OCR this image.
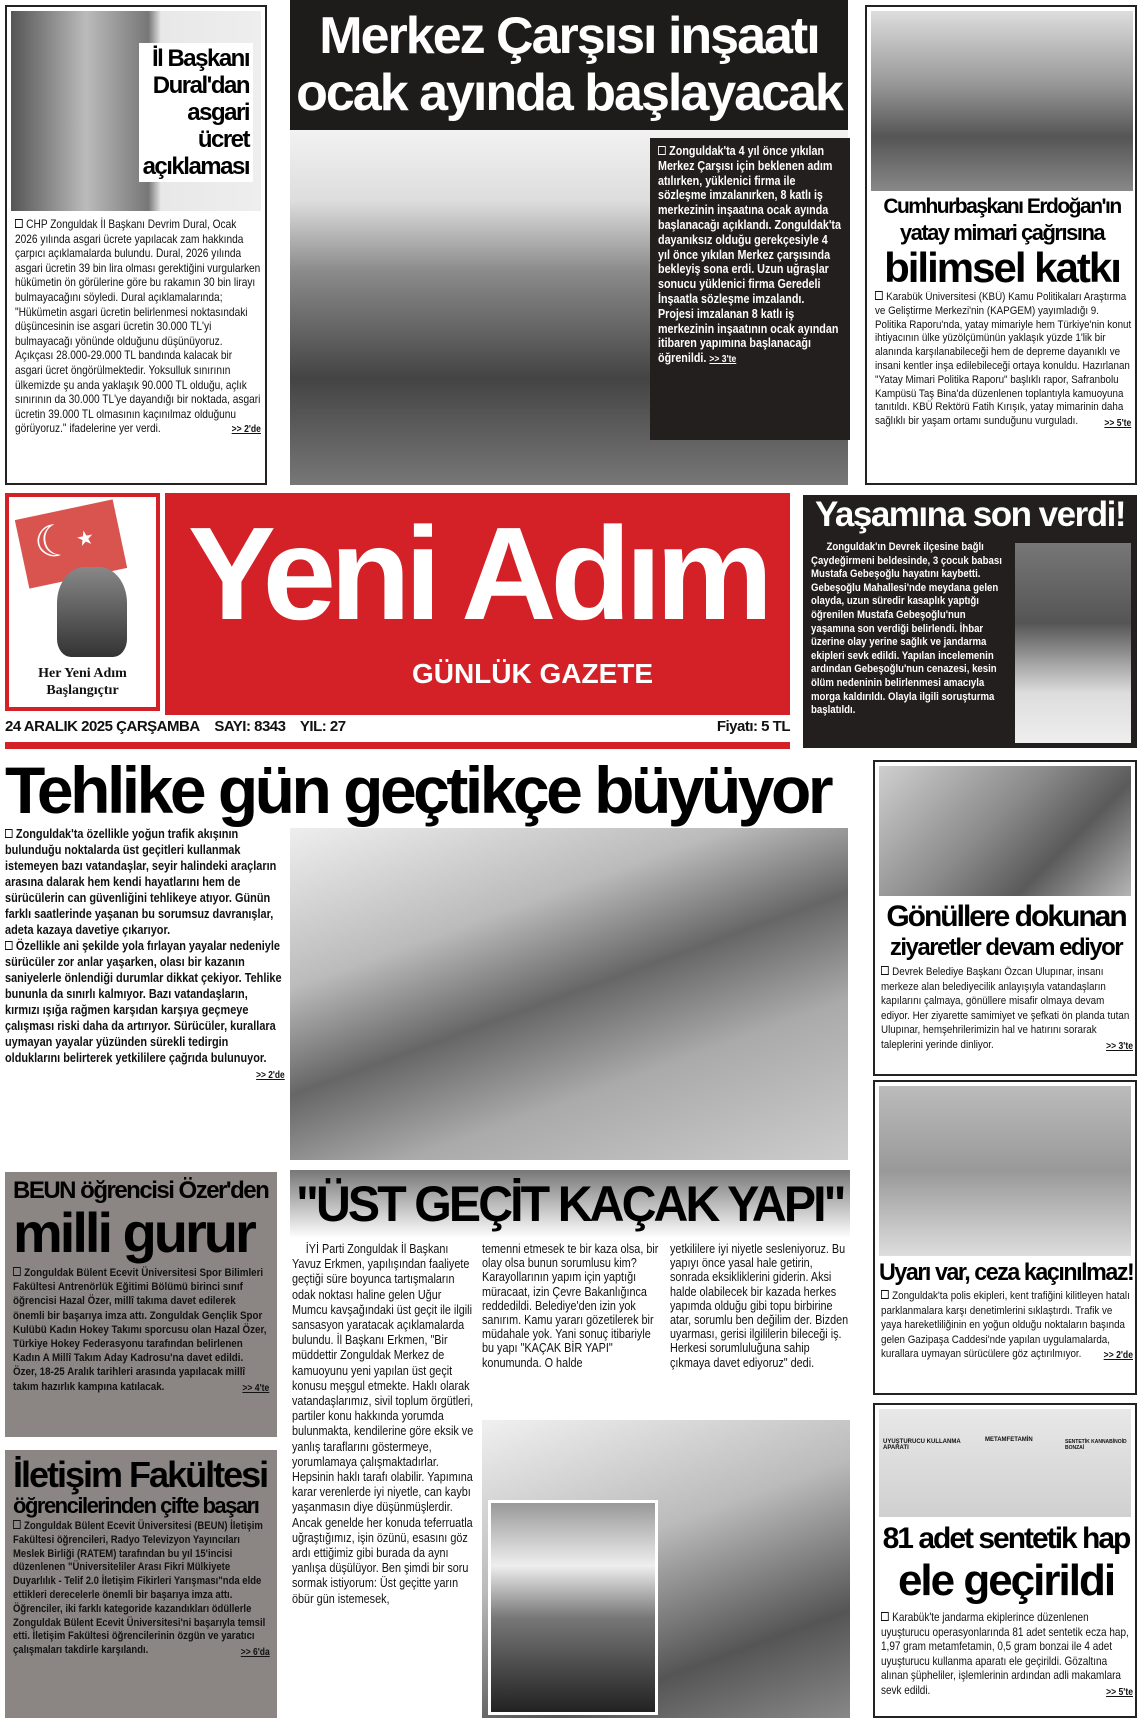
İl Başkanı
Dural'dan
asgari
ücret
açıklaması
CHP Zonguldak İl Başkanı Devrim Dural, Ocak 2026 yılında asgari ücrete yapılacak zam hakkında çarpıcı açıklamalarda bulundu. Dural, 2026 yılında asgari ücretin 39 bin lira olması gerektiğini vurgularken hükümetin ön görülerine göre bu rakamın 30 bin lirayı bulmayacağını söyledi. Dural açıklamalarında; "Hükümetin asgari ücretin belirlenmesi noktasındaki düşüncesinin ise asgari ücretin 30.000 TL'yi bulmayacağı yönünde olduğunu düşünüyoruz. Açıkçası 28.000-29.000 TL bandında kalacak bir asgari ücret öngörülmektedir. Yoksulluk sınırının ülkemizde şu anda yaklaşık 90.000 TL olduğu, açlık sınırının da 30.000 TL'ye dayandığı bir noktada, asgari ücretin 39.000 TL olmasının kaçınılmaz olduğunu görüyoruz." ifadelerine yer verdi.	>> 2'de
Merkez Çarşısı inşaatı
ocak ayında başlayacak
Zonguldak'ta 4 yıl önce yıkılan Merkez Çarşısı için beklenen adım atılırken, yüklenici firma ile sözleşme imzalanırken, 8 katlı iş merkezinin inşaatına ocak ayında başlanacağı açıklandı. Zonguldak'ta dayanıksız olduğu gerekçesiyle 4 yıl önce yıkılan Merkez çarşısında bekleyiş sona erdi. Uzun uğraşlar sonucu yüklenici firma Geredeli İnşaatla sözleşme imzalandı. Projesi imzalanan 8 katlı iş merkezinin inşaatının ocak ayından itibaren yapımına başlanacağı öğrenildi. >> 3'te
Cumhurbaşkanı Erdoğan'ın
yatay mimari çağrısına
bilimsel katkı
Karabük Üniversitesi (KBÜ) Kamu Politikaları Araştırma ve Geliştirme Merkezi'nin (KAPGEM) yayımladığı 9. Politika Raporu'nda, yatay mimariyle hem Türkiye'nin konut ihtiyacının ülke yüzölçümünün yaklaşık yüzde 1'lik bir alanında karşılanabileceği hem de depreme dayanıklı ve insani kentler inşa edilebileceği ortaya konuldu. Hazırlanan "Yatay Mimari Politika Raporu" başlıklı rapor, Safranbolu Kampüsü Taş Bina'da düzenlenen toplantıyla kamuoyuna tanıtıldı. KBÜ Rektörü Fatih Kırışık, yatay mimarinin daha sağlıklı bir yaşam ortamı sunduğunu vurguladı.	>> 5'te
☾
★
Her Yeni Adım
Başlangıçtır
Yeni Adım
GÜNLÜK GAZETE
24 ARALIK 2025 ÇARŞAMBA SAYI: 8343 YIL: 27	Fiyatı: 5 TL
Yaşamına son verdi!
Zonguldak'ın Devrek ilçesine bağlı Çaydeğirmeni beldesinde, 3 çocuk babası Mustafa Gebeşoğlu hayatını kaybetti. Gebeşoğlu Mahallesi'nde meydana gelen olayda, uzun süredir kasaplık yaptığı öğrenilen Mustafa Gebeşoğlu'nun yaşamına son verdiği belirlendi. İhbar üzerine olay yerine sağlık ve jandarma ekipleri sevk edildi. Yapılan incelemenin ardından Gebeşoğlu'nun cenazesi, kesin ölüm nedeninin belirlenmesi amacıyla morga kaldırıldı. Olayla ilgili soruşturma başlatıldı.
Tehlike gün geçtikçe büyüyor

Zonguldak'ta özellikle yoğun trafik akışının bulunduğu noktalarda üst geçitleri kullanmak istemeyen bazı vatandaşlar, seyir halindeki araçların arasına dalarak hem kendi hayatlarını hem de sürücülerin can güvenliğini tehlikeye atıyor. Günün farklı saatlerinde yaşanan bu sorumsuz davranışlar, adeta kazaya davetiye çıkarıyor.

Özellikle ani şekilde yola fırlayan yayalar nedeniyle sürücüler zor anlar yaşarken, olası bir kazanın saniyelerle önlendiği durumlar dikkat çekiyor. Tehlike bununla da sınırlı kalmıyor. Bazı vatandaşların, kırmızı ışığa rağmen karşıdan karşıya geçmeye çalışması riski daha da artırıyor. Sürücüler, kurallara uymayan yayalar yüzünden sürekli tedirgin olduklarını belirterek yetkililere çağrıda bulunuyor.
>> 2'de

Gönüllere dokunan
ziyaretler devam ediyor
Devrek Belediye Başkanı Özcan Ulupınar, insanı merkeze alan belediyecilik anlayışıyla vatandaşların kapılarını çalmaya, gönüllere misafir olmaya devam ediyor. Her ziyarette samimiyet ve şefkati ön planda tutan Ulupınar, hemşehrilerimizin hal ve hatırını sorarak taleplerini yerinde dinliyor.	>> 3'te
Uyarı var, ceza kaçınılmaz!
Zonguldak'ta polis ekipleri, kent trafiğini kilitleyen hatalı parklanmalara karşı denetimlerini sıklaştırdı. Trafik ve yaya hareketliliğinin en yoğun olduğu noktaların başında gelen Gazipaşa Caddesi'nde yapılan uygulamalarda, kurallara uymayan sürücülere göz açtırılmıyor. >> 2'de
UYUŞTURUCU KULLANMA APARATI
METAMFETAMİN	SENTETİK KANNABİNOİD BONZAİ
81 adet sentetik hap
ele geçirildi
Karabük'te jandarma ekiplerince düzenlenen uyuşturucu operasyonlarında 81 adet sentetik ecza hap, 1,97 gram metamfetamin, 0,5 gram bonzai ile 4 adet uyuşturucu kullanma aparatı ele geçirildi. Gözaltına alınan şüpheliler, işlemlerinin ardından adli makamlara sevk edildi.	>> 5'te
BEUN öğrencisi Özer'den
milli gurur
Zonguldak Bülent Ecevit Üniversitesi Spor Bilimleri Fakültesi Antrenörlük Eğitimi Bölümü birinci sınıf öğrencisi Hazal Özer, millî takıma davet edilerek önemli bir başarıya imza attı. Zonguldak Gençlik Spor Kulübü Kadın Hokey Takımı sporcusu olan Hazal Özer, Türkiye Hokey Federasyonu tarafından belirlenen Kadın A Millî Takım Aday Kadrosu'na davet edildi. Özer, 18-25 Aralık tarihleri arasında yapılacak millî takım hazırlık kampına katılacak.	>> 4'te
İletişim Fakültesi
öğrencilerinden çifte başarı
Zonguldak Bülent Ecevit Üniversitesi (BEUN) İletişim Fakültesi öğrencileri, Radyo Televizyon Yayıncıları Meslek Birliği (RATEM) tarafından bu yıl 15'incisi düzenlenen "Üniversiteliler Arası Fikri Mülkiyete Duyarlılık - Telif 2.0 İletişim Fikirleri Yarışması"nda elde ettikleri derecelerle önemli bir başarıya imza attı. Öğrenciler, iki farklı kategoride kazandıkları ödüllerle Zonguldak Bülent Ecevit Üniversitesi'ni başarıyla temsil etti. İletişim Fakültesi öğrencilerinin özgün ve yaratıcı çalışmaları takdirle karşılandı.	>> 6'da
"ÜST GEÇİT KAÇAK YAPI"
İYİ Parti Zonguldak İl Başkanı Yavuz Erkmen, yapılışından faaliyete geçtiği süre boyunca tartışmaların odak noktası haline gelen Uğur Mumcu kavşağındaki üst geçit ile ilgili sansasyon yaratacak açıklamalarda bulundu. İl Başkanı Erkmen, "Bir müddettir Zonguldak Merkez de kamuoyunu yeni yapılan üst geçit konusu meşgul etmekte. Haklı olarak vatandaşlarımız, sivil toplum örgütleri, partiler konu hakkında yorumda bulunmakta, kendilerine göre eksik ve yanlış taraflarını göstermeye, yorumlamaya çalışmaktadırlar. Hepsinin haklı tarafı olabilir. Yapımına karar verenlerde iyi niyetle, can kaybı yaşanmasın diye düşünmüşlerdir. Ancak genelde her konuda teferruatla uğraştığımız, işin özünü, esasını göz ardı ettiğimiz gibi burada da aynı yanlışa düşülüyor. Ben şimdi bir soru sormak istiyorum: Üst geçitte yarın öbür gün istemesek,
temenni etmesek te bir kaza olsa, bir olay olsa bunun sorumlusu kim? Karayollarının yapım için yaptığı müracaat, izin Çevre Bakanlığınca reddedildi. Belediye'den izin yok sanırım. Kamu yararı gözetilerek bir müdahale yok. Yani sonuç itibariyle bu yapı "KAÇAK BİR YAPI" konumunda. O halde
yetkililere iyi niyetle sesleniyoruz. Bu yapıyı önce yasal hale getirin, sonrada eksikliklerini giderin. Aksi halde olabilecek bir kazada herkes yapımda olduğu gibi topu birbirine atar, sorumlu ben değilim der. Bizden uyarması, gerisi ilgililerin bileceği iş. Herkesi sorumluluğuna sahip çıkmaya davet ediyoruz" dedi.
